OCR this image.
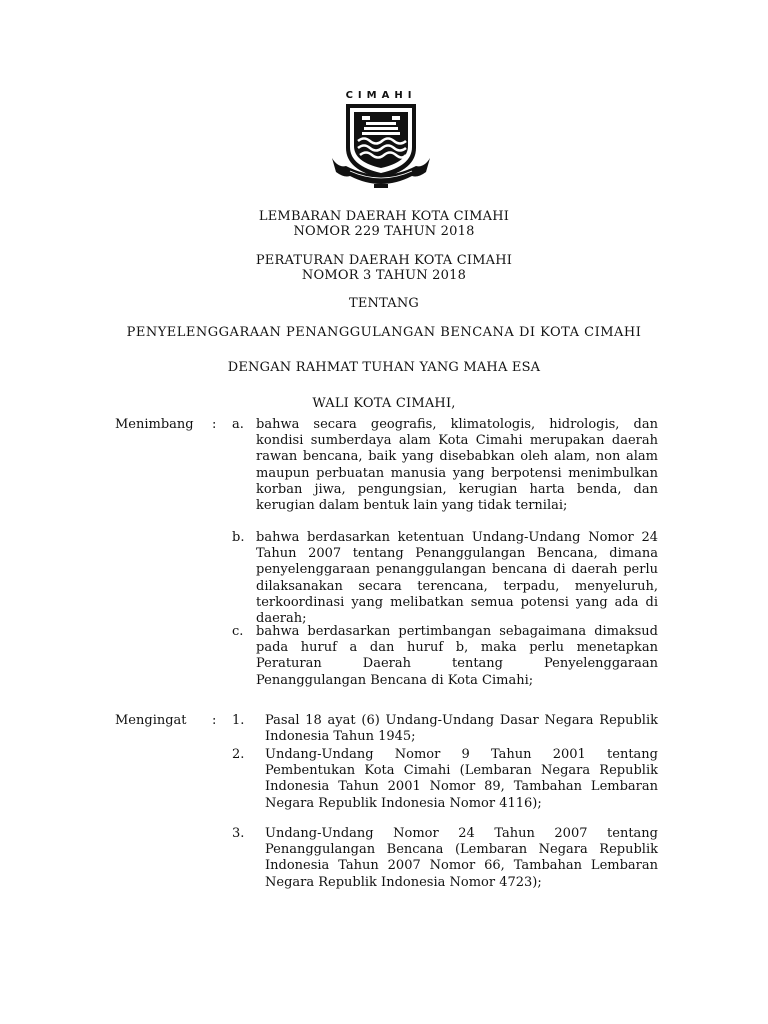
CIMAHI
LEMBARAN DAERAH KOTA CIMAHI
NOMOR 229 TAHUN 2018
PERATURAN DAERAH KOTA CIMAHI
NOMOR 3 TAHUN 2018
TENTANG
PENYELENGGARAAN PENANGGULANGAN BENCANA DI KOTA CIMAHI
DENGAN RAHMAT TUHAN YANG MAHA ESA
WALI KOTA CIMAHI,
Menimbang : a. bahwa secara geografis, klimatologis, hidrologis, dan kondisi sumberdaya alam Kota Cimahi merupakan daerah rawan bencana, baik yang disebabkan oleh alam, non alam maupun perbuatan manusia yang berpotensi menimbulkan korban jiwa, pengungsian, kerugian harta benda, dan kerugian dalam bentuk lain yang tidak ternilai;
b. bahwa berdasarkan ketentuan Undang-Undang Nomor 24 Tahun 2007 tentang Penanggulangan Bencana, dimana penyelenggaraan penanggulangan bencana di daerah perlu dilaksanakan secara terencana, terpadu, menyeluruh, terkoordinasi yang melibatkan semua potensi yang ada di daerah;
c. bahwa berdasarkan pertimbangan sebagaimana dimaksud pada huruf a dan huruf b, maka perlu menetapkan Peraturan Daerah tentang Penyelenggaraan Penanggulangan Bencana di Kota Cimahi;
Mengingat : 1. Pasal 18 ayat (6) Undang-Undang Dasar Negara Republik Indonesia Tahun 1945;
2. Undang-Undang Nomor 9 Tahun 2001 tentang Pembentukan Kota Cimahi (Lembaran Negara Republik Indonesia Tahun 2001 Nomor 89, Tambahan Lembaran Negara Republik Indonesia Nomor 4116);
3. Undang-Undang Nomor 24 Tahun 2007 tentang Penanggulangan Bencana (Lembaran Negara Republik Indonesia Tahun 2007 Nomor 66, Tambahan Lembaran Negara Republik Indonesia Nomor 4723);
